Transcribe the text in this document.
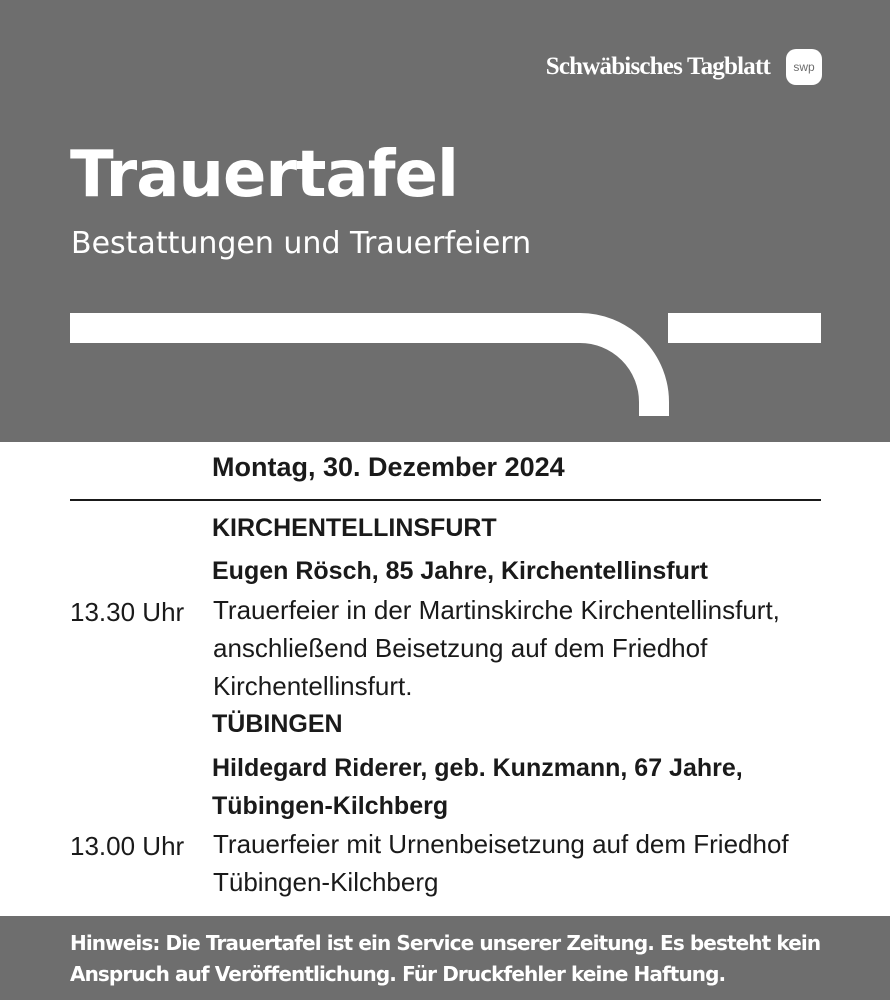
Schwäbisches Tagblatt	swp
Trauertafel
Bestattungen und Trauerfeiern
Montag, 30. Dezember 2024
KIRCHENTELLINSFURT
Eugen Rösch, 85 Jahre, Kirchentellinsfurt
13.30 Uhr	Trauerfeier in der Martinskirche Kirchentellinsfurt, anschließend Beisetzung auf dem Friedhof Kirchentellinsfurt.
TÜBINGEN
Hildegard Riderer, geb. Kunzmann, 67 Jahre, Tübingen-Kilchberg
13.00 Uhr	Trauerfeier mit Urnenbeisetzung auf dem Friedhof Tübingen-Kilchberg
Hinweis: Die Trauertafel ist ein Service unserer Zeitung. Es besteht kein Anspruch auf Veröffentlichung. Für Druckfehler keine Haftung.
